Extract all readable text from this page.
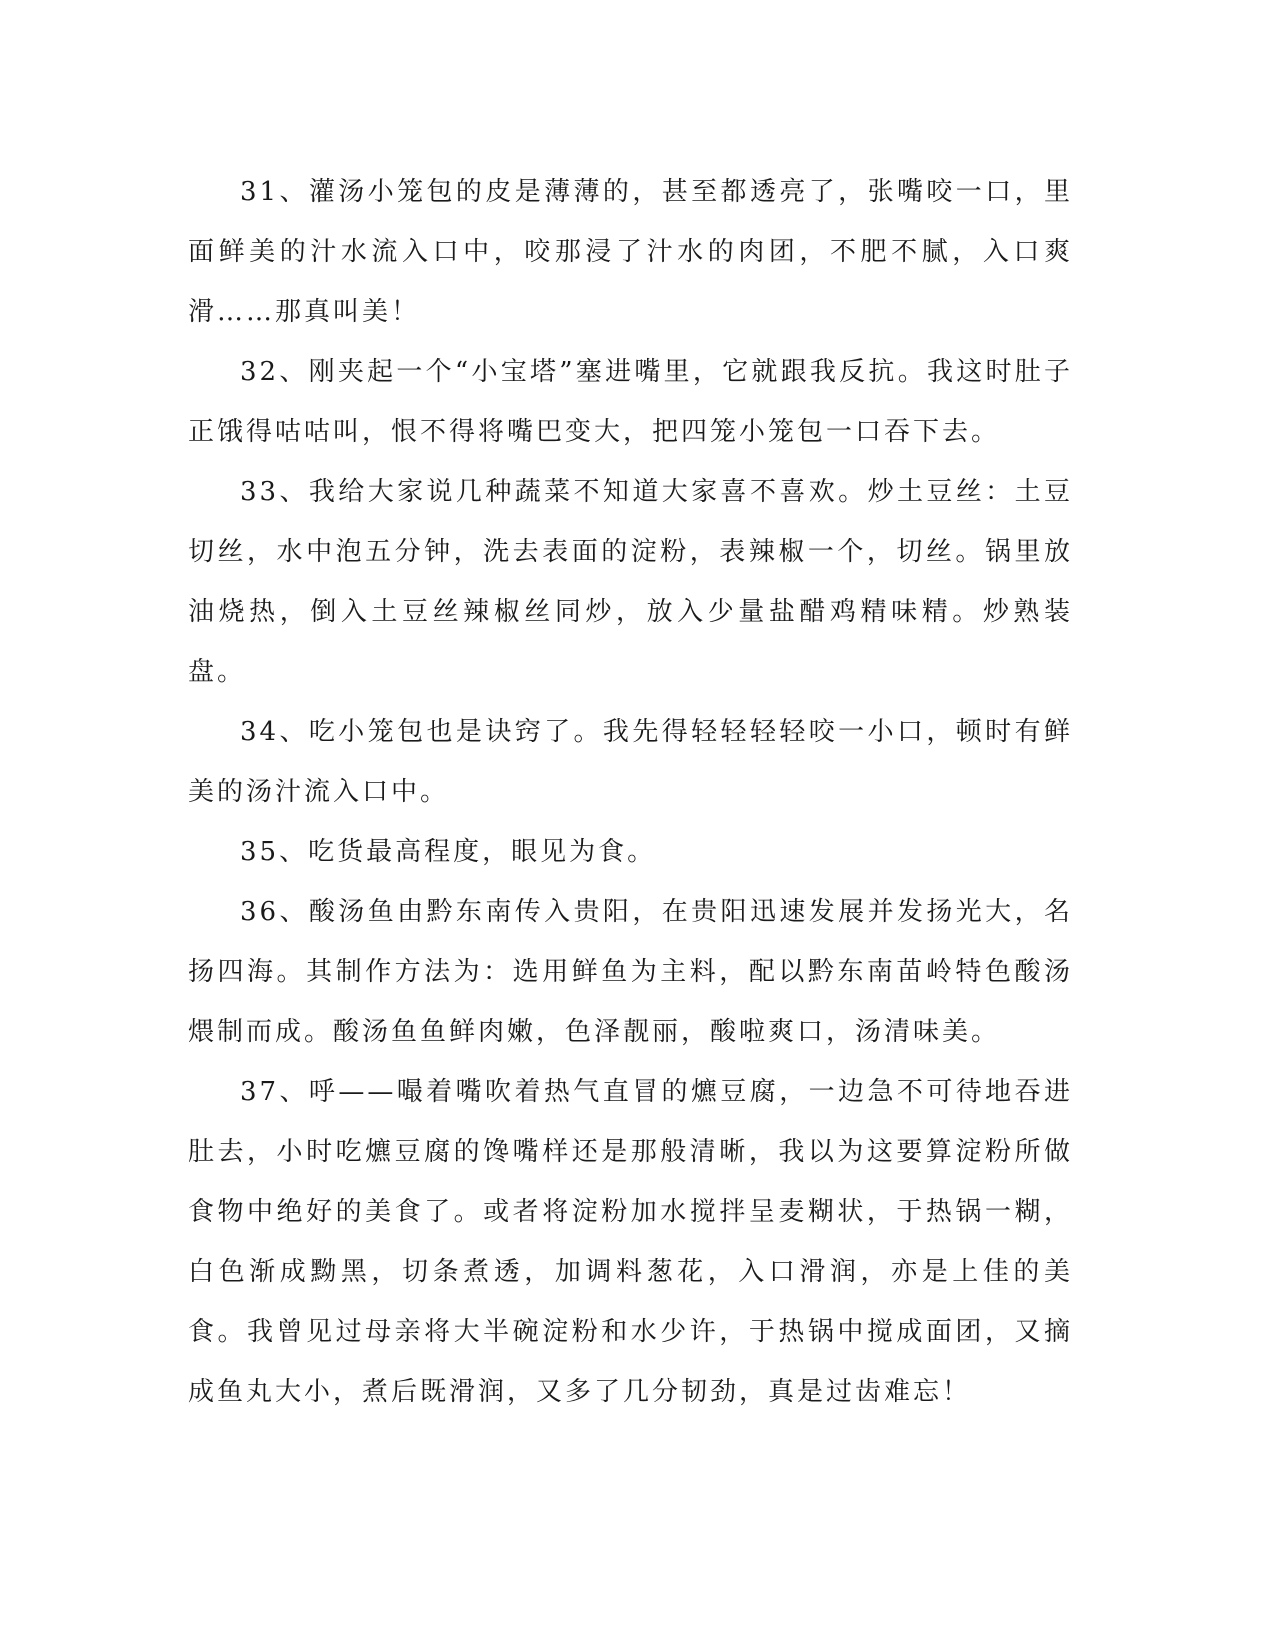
31、灌汤小笼包的皮是薄薄的，甚至都透亮了，张嘴咬一口，里面鲜美的汁水流入口中，咬那浸了汁水的肉团，不肥不腻，入口爽滑……那真叫美！

32、刚夹起一个“小宝塔”塞进嘴里，它就跟我反抗。我这时肚子正饿得咕咕叫，恨不得将嘴巴变大，把四笼小笼包一口吞下去。

33、我给大家说几种蔬菜不知道大家喜不喜欢。炒土豆丝：土豆切丝，水中泡五分钟，洗去表面的淀粉，表辣椒一个，切丝。锅里放油烧热，倒入土豆丝辣椒丝同炒，放入少量盐醋鸡精味精。炒熟装盘。

34、吃小笼包也是诀窍了。我先得轻轻轻轻咬一小口，顿时有鲜美的汤汁流入口中。

35、吃货最高程度，眼见为食。

36、酸汤鱼由黔东南传入贵阳，在贵阳迅速发展并发扬光大，名扬四海。其制作方法为：选用鲜鱼为主料，配以黔东南苗岭特色酸汤煨制而成。酸汤鱼鱼鲜肉嫩，色泽靓丽，酸啦爽口，汤清味美。

37、呼——嘬着嘴吹着热气直冒的爊豆腐，一边急不可待地吞进肚去，小时吃爊豆腐的馋嘴样还是那般清晰，我以为这要算淀粉所做食物中绝好的美食了。或者将淀粉加水搅拌呈麦糊状，于热锅一糊，白色渐成黝黑，切条煮透，加调料葱花，入口滑润，亦是上佳的美食。我曾见过母亲将大半碗淀粉和水少许，于热锅中搅成面团，又摘成鱼丸大小，煮后既滑润，又多了几分韧劲，真是过齿难忘！
